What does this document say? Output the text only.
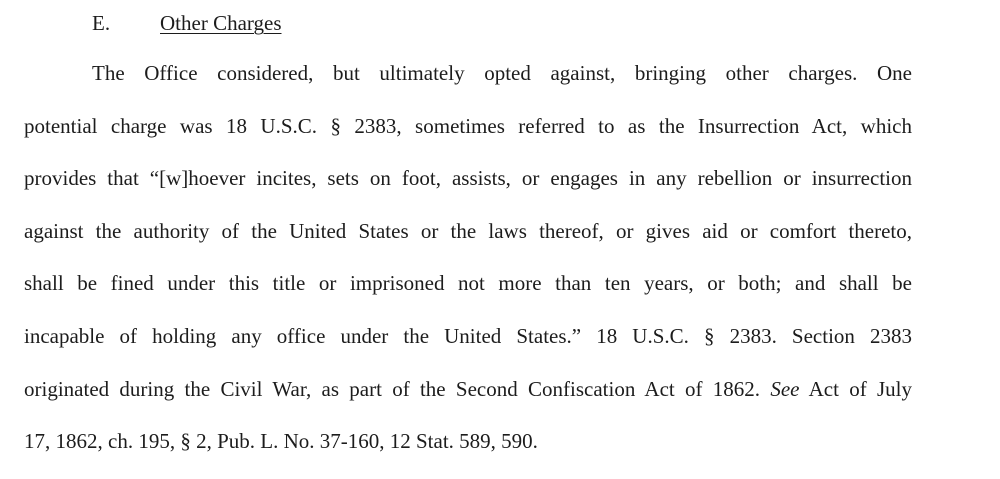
E. Other Charges
The Office considered, but ultimately opted against, bringing other charges. One
potential charge was 18 U.S.C. § 2383, sometimes referred to as the Insurrection Act, which
provides that “[w]hoever incites, sets on foot, assists, or engages in any rebellion or insurrection
against the authority of the United States or the laws thereof, or gives aid or comfort thereto,
shall be fined under this title or imprisoned not more than ten years, or both; and shall be
incapable of holding any office under the United States.” 18 U.S.C. § 2383. Section 2383
originated during the Civil War, as part of the Second Confiscation Act of 1862. See Act of July
17, 1862, ch. 195, § 2, Pub. L. No. 37-160, 12 Stat. 589, 590.
